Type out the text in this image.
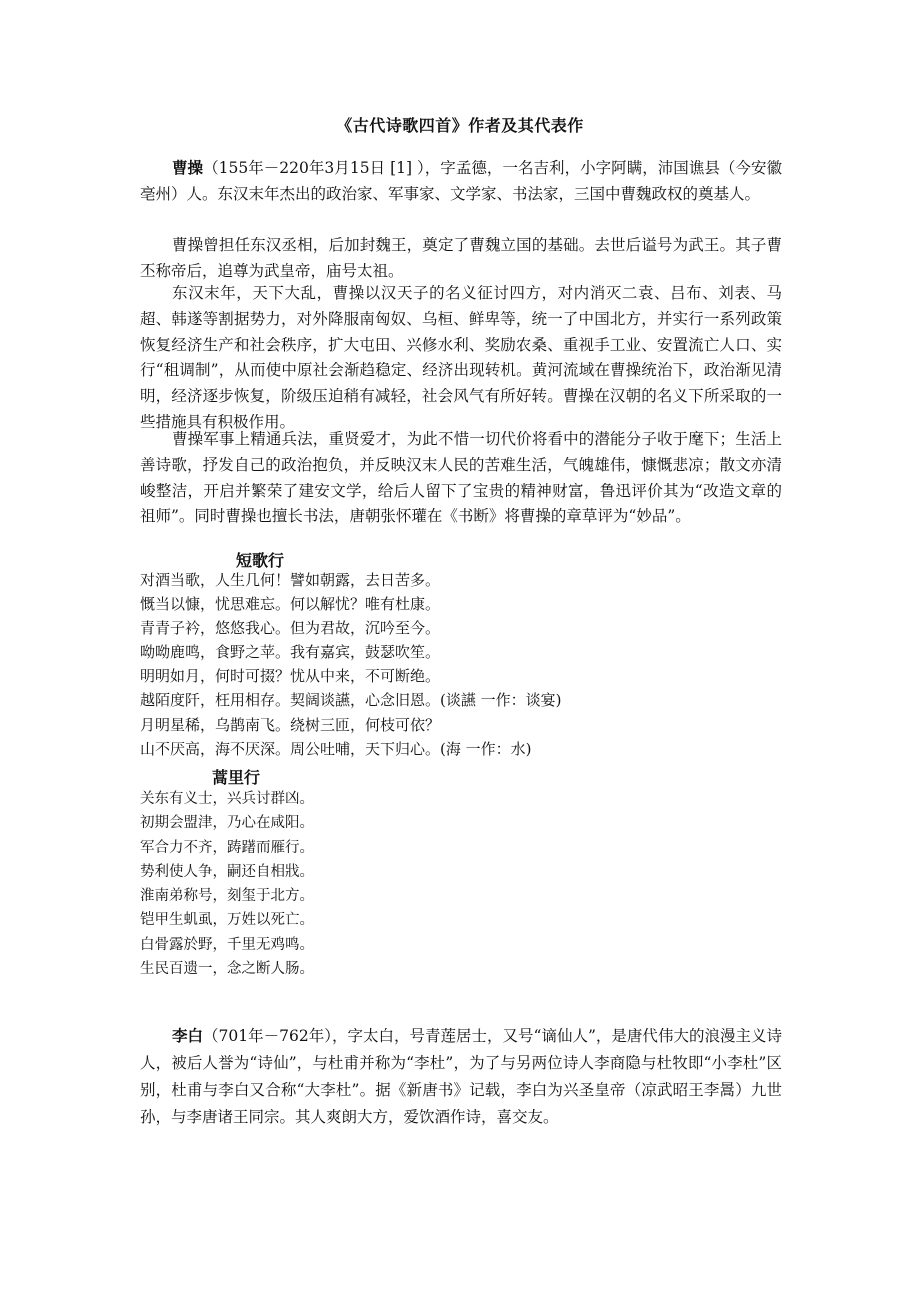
《古代诗歌四首》作者及其代表作

曹操（155年－220年3月15日 [1] ），字孟德，一名吉利，小字阿瞒，沛国谯县（今安徽亳州）人。东汉末年杰出的政治家、军事家、文学家、书法家，三国中曹魏政权的奠基人。

曹操曾担任东汉丞相，后加封魏王，奠定了曹魏立国的基础。去世后谥号为武王。其子曹丕称帝后，追尊为武皇帝，庙号太祖。

东汉末年，天下大乱，曹操以汉天子的名义征讨四方，对内消灭二袁、吕布、刘表、马超、韩遂等割据势力，对外降服南匈奴、乌桓、鲜卑等，统一了中国北方，并实行一系列政策恢复经济生产和社会秩序，扩大屯田、兴修水利、奖励农桑、重视手工业、安置流亡人口、实行“租调制”，从而使中原社会渐趋稳定、经济出现转机。黄河流域在曹操统治下，政治渐见清明，经济逐步恢复，阶级压迫稍有减轻，社会风气有所好转。曹操在汉朝的名义下所采取的一些措施具有积极作用。

曹操军事上精通兵法，重贤爱才，为此不惜一切代价将看中的潜能分子收于麾下；生活上善诗歌，抒发自己的政治抱负，并反映汉末人民的苦难生活，气魄雄伟，慷慨悲凉；散文亦清峻整洁，开启并繁荣了建安文学，给后人留下了宝贵的精神财富，鲁迅评价其为“改造文章的祖师”。同时曹操也擅长书法，唐朝张怀瓘在《书断》将曹操的章草评为“妙品”。

短歌行
对酒当歌，人生几何！譬如朝露，去日苦多。
慨当以慷，忧思难忘。何以解忧？唯有杜康。
青青子衿，悠悠我心。但为君故，沉吟至今。
呦呦鹿鸣，食野之苹。我有嘉宾，鼓瑟吹笙。
明明如月，何时可掇？忧从中来，不可断绝。
越陌度阡，枉用相存。契阔谈讌，心念旧恩。(谈讌 一作：谈宴)
月明星稀，乌鹊南飞。绕树三匝，何枝可依？
山不厌高，海不厌深。周公吐哺，天下归心。(海 一作：水)
蒿里行
关东有义士，兴兵讨群凶。
初期会盟津，乃心在咸阳。
军合力不齐，踌躇而雁行。
势利使人争，嗣还自相戕。
淮南弟称号，刻玺于北方。
铠甲生虮虱，万姓以死亡。
白骨露於野，千里无鸡鸣。
生民百遗一，念之断人肠。

李白（701年－762年），字太白，号青莲居士，又号“谪仙人”，是唐代伟大的浪漫主义诗人，被后人誉为“诗仙”，与杜甫并称为“李杜”，为了与另两位诗人李商隐与杜牧即“小李杜”区别，杜甫与李白又合称“大李杜”。据《新唐书》记载，李白为兴圣皇帝（凉武昭王李暠）九世孙，与李唐诸王同宗。其人爽朗大方，爱饮酒作诗，喜交友。
